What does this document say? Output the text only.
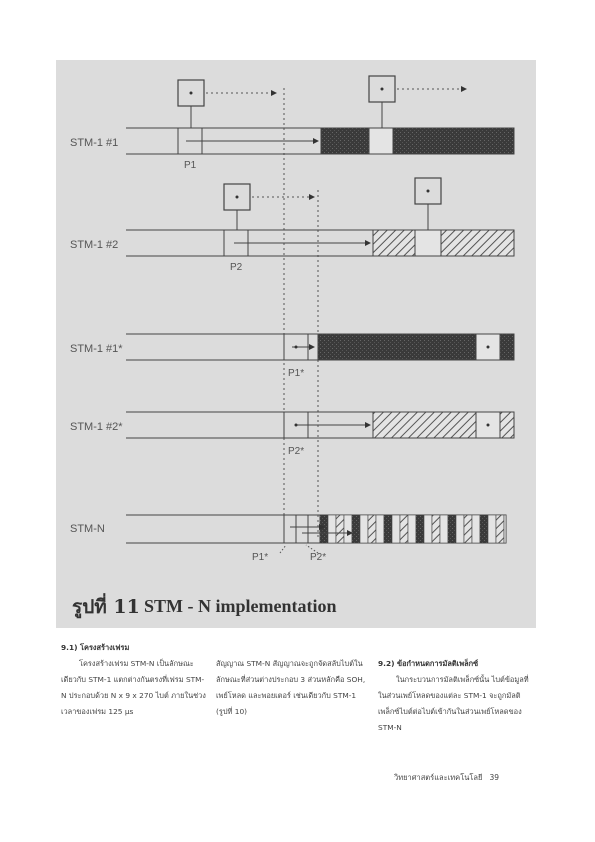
STM-1 #1
P1
STM-1 #2
P2
STM-1 #1*
P1*
STM-1 #2*
P2*
STM-N
P1*	P2*
รูปที่ 11 STM - N implementation

9.1) โครงสร้างเฟรม

โครงสร้างเฟรม STM-N เป็นลักษณะเดียวกับ STM-1 แตกต่างกันตรงที่เฟรม STM-N ประกอบด้วย N x 9 x 270 ไบต์ ภายในช่วงเวลาของเฟรม 125 μs

สัญญาณ STM-N สัญญาณจะถูกจัดสลับไบต์ในลักษณะที่ส่วนต่างประกอบ 3 ส่วนหลักคือ SOH, เพย์โหลด และพอยเตอร์ เช่นเดียวกับ STM-1 (รูปที่ 10)

9.2) ข้อกำหนดการมัลติเพล็กซ์

ในกระบวนการมัลติเพล็กซ์นั้น ไบต์ข้อมูลที่ในส่วนเพย์โหลดของแต่ละ STM-1 จะถูกมัลติเพล็กซ์ไบต์ต่อไบต์เข้ากันในส่วนเพย์โหลดของ STM-N

วิทยาศาสตร์และเทคโนโลยี 39
